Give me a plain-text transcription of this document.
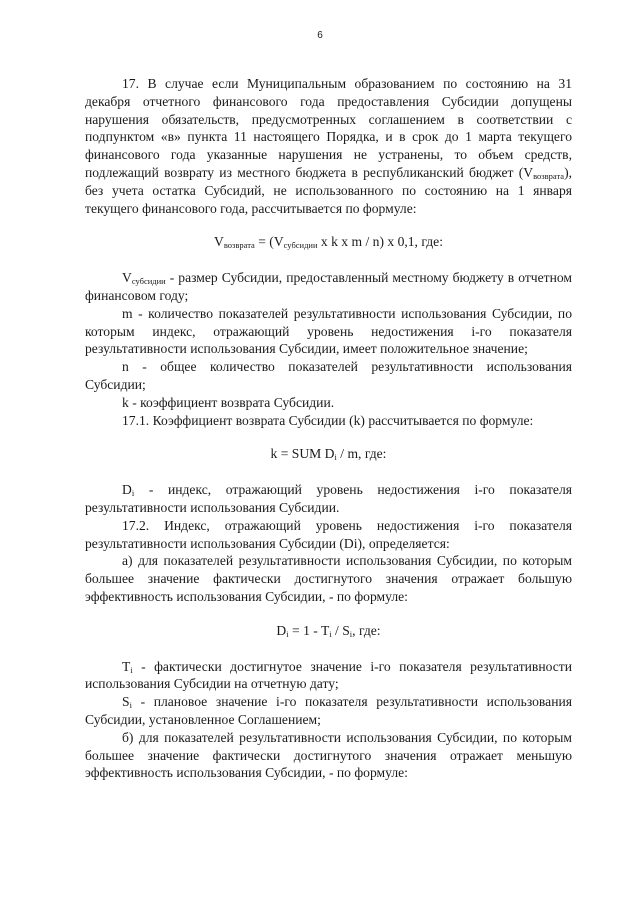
6

17. В случае если Муниципальным образованием по состоянию на 31 декабря отчетного финансового года предоставления Субсидии допущены нарушения обязательств, предусмотренных соглашением в соответствии с подпунктом «в» пункта 11 настоящего Порядка, и в срок до 1 марта текущего финансового года указанные нарушения не устранены, то объем средств, подлежащий возврату из местного бюджета в республиканский бюджет $(V_{возврата})$, без учета остатка Субсидий, не использованного по состоянию на 1 января текущего финансового года, рассчитывается по формуле:

$V_{возврата} = (V_{субсидии}$ x k x m / n) x 0,1, где:

$V_{субсидии}$ - размер Субсидии, предоставленный местному бюджету в отчетном финансовом году;

m - количество показателей результативности использования Субсидии, по которым индекс, отражающий уровень недостижения i-го показателя результативности использования Субсидии, имеет положительное значение;

n - общее количество показателей результативности использования Субсидии;

k - коэффициент возврата Субсидии.

17.1. Коэффициент возврата Субсидии (k) рассчитывается по формуле:

k = SUM $D_i$ / m, где:

$D_i$ - индекс, отражающий уровень недостижения i-го показателя результативности использования Субсидии.

17.2. Индекс, отражающий уровень недостижения i-го показателя результативности использования Субсидии (Di), определяется:

а) для показателей результативности использования Субсидии, по которым большее значение фактически достигнутого значения отражает большую эффективность использования Субсидии, - по формуле:

$D_i = 1 - T_i / S_i$, где:

$T_i$ - фактически достигнутое значение i-го показателя результативности использования Субсидии на отчетную дату;

$S_i$ - плановое значение i-го показателя результативности использования Субсидии, установленное Соглашением;

б) для показателей результативности использования Субсидии, по которым большее значение фактически достигнутого значения отражает меньшую эффективность использования Субсидии, - по формуле:
